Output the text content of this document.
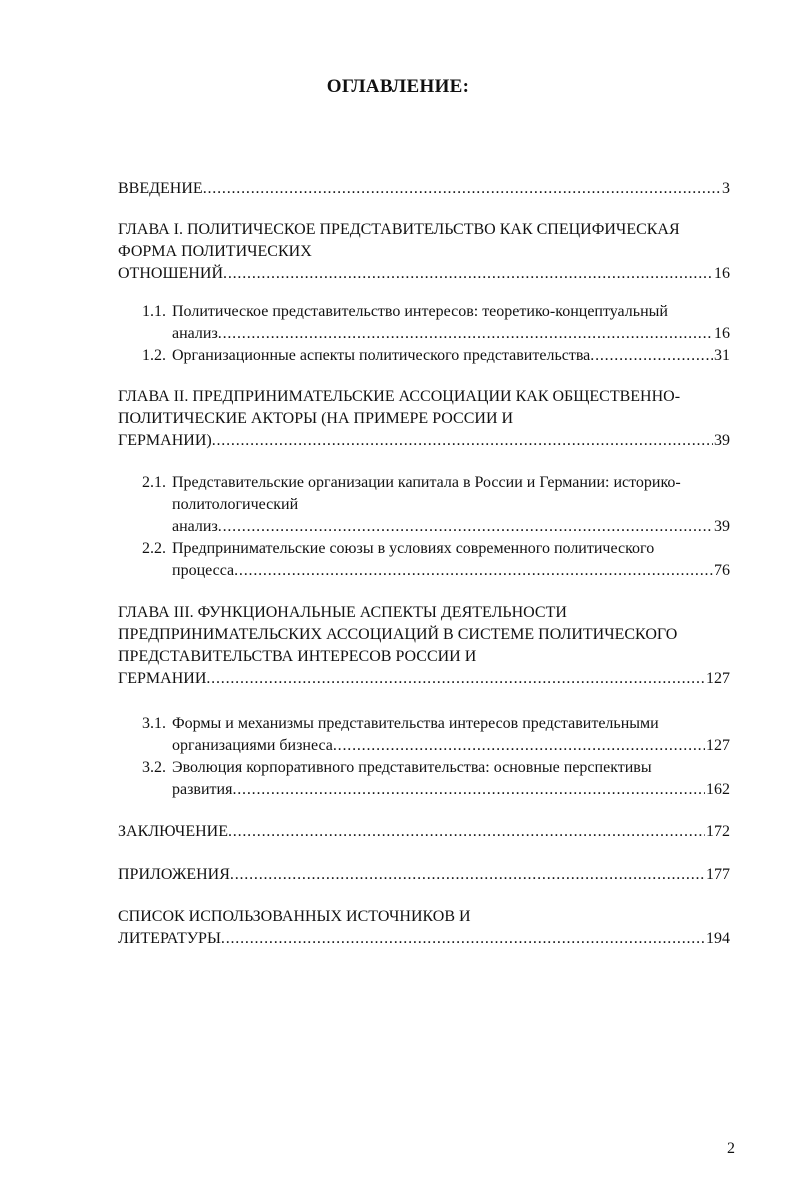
ОГЛАВЛЕНИЕ:
ВВЕДЕНИЕ . . .	3
ГЛАВА I. ПОЛИТИЧЕСКОЕ ПРЕДСТАВИТЕЛЬСТВО КАК СПЕЦИФИЧЕСКАЯ
ФОРМА ПОЛИТИЧЕСКИХ
ОТНОШЕНИЙ . . .	16
1.1. Политическое представительство интересов: теоретико-концептуальный
анализ . . .	16
1.2. Организационные аспекты политического представительства . . .	31
ГЛАВА II. ПРЕДПРИНИМАТЕЛЬСКИЕ АССОЦИАЦИИ КАК ОБЩЕСТВЕННО-
ПОЛИТИЧЕСКИЕ АКТОРЫ (НА ПРИМЕРЕ РОССИИ И
ГЕРМАНИИ) . . .	39
2.1. Представительские организации капитала в России и Германии: историко-
политологический
анализ . . .	39
2.2. Предпринимательские союзы в условиях современного политического
процесса . . .	76
ГЛАВА III. ФУНКЦИОНАЛЬНЫЕ АСПЕКТЫ ДЕЯТЕЛЬНОСТИ
ПРЕДПРИНИМАТЕЛЬСКИХ АССОЦИАЦИЙ В СИСТЕМЕ ПОЛИТИЧЕСКОГО
ПРЕДСТАВИТЕЛЬСТВА ИНТЕРЕСОВ РОССИИ И
ГЕРМАНИИ . . .	127
3.1. Формы и механизмы представительства интересов представительными
организациями бизнеса . . .	127
3.2. Эволюция корпоративного представительства: основные перспективы
развития . . .	162
ЗАКЛЮЧЕНИЕ . . .	172
ПРИЛОЖЕНИЯ . . .	177
СПИСОК ИСПОЛЬЗОВАННЫХ ИСТОЧНИКОВ И
ЛИТЕРАТУРЫ . . .	194
2
